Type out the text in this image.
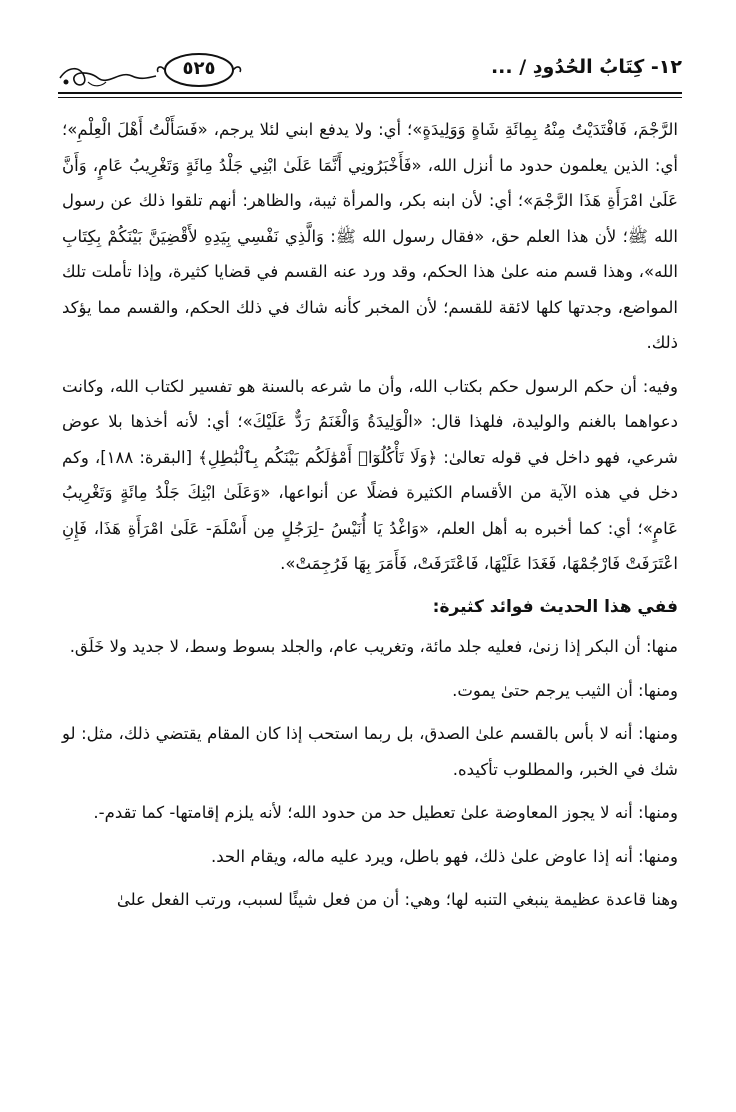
١٢- كِتَابُ الحُدُودِ / ...
٥٢٥

الرَّجْمَ، فَافْتَدَيْتُ مِنْهُ بِمِائَةِ شَاةٍ وَوَلِيدَةٍ»؛ أي: ولا يدفع ابني لئلا يرجم، «فَسَأَلْتُ أَهْلَ الْعِلْمِ»؛ أي: الذين يعلمون حدود ما أنزل الله، «فَأَخْبَرُونِي أَنَّمَا عَلَىٰ ابْنِي جَلْدُ مِائَةٍ وَتَغْرِيبُ عَامٍ، وَأَنَّ عَلَىٰ امْرَأَةِ هَذَا الرَّجْمَ»؛ أي: لأن ابنه بكر، والمرأة ثيبة، والظاهر: أنهم تلقوا ذلك عن رسول الله ﷺ؛ لأن هذا العلم حق، «فقال رسول الله ﷺ: وَالَّذِي نَفْسِي بِيَدِهِ لأَقْضِيَنَّ بَيْنَكُمْ بِكِتَابِ الله»، وهذا قسم منه علىٰ هذا الحكم، وقد ورد عنه القسم في قضايا كثيرة، وإذا تأملت تلك المواضع، وجدتها كلها لائقة للقسم؛ لأن المخبر كأنه شاك في ذلك الحكم، والقسم مما يؤكد ذلك.

وفيه: أن حكم الرسول حكم بكتاب الله، وأن ما شرعه بالسنة هو تفسير لكتاب الله، وكانت دعواهما بالغنم والوليدة، فلهذا قال: «الْوَلِيدَةُ وَالْغَنَمُ رَدٌّ عَلَيْكَ»؛ أي: لأنه أخذها بلا عوض شرعي، فهو داخل في قوله تعالىٰ: ﴿وَلَا تَأْكُلُوٓا۟ أَمْوَٰلَكُم بَيْنَكُم بِٱلْبَٰطِلِ﴾ [البقرة: ١٨٨]، وكم دخل في هذه الآية من الأقسام الكثيرة فضلًا عن أنواعها، «وَعَلَىٰ ابْنِكَ جَلْدُ مِائَةٍ وَتَغْرِيبُ عَامٍ»؛ أي: كما أخبره به أهل العلم، «وَاغْدُ يَا أُنَيْسُ -لِرَجُلٍ مِن أَسْلَمَ- عَلَىٰ امْرَأَةِ هَذَا، فَإِنِ اعْتَرَفَتْ فَارْجُمْهَا، فَغَدَا عَلَيْهَا، فَاعْتَرَفَتْ، فَأَمَرَ بِهَا فَرُجِمَتْ».

ففي هذا الحديث فوائد كثيرة:

منها: أن البكر إذا زنىٰ، فعليه جلد مائة، وتغريب عام، والجلد بسوط وسط، لا جديد ولا خَلَق.

ومنها: أن الثيب يرجم حتىٰ يموت.

ومنها: أنه لا بأس بالقسم علىٰ الصدق، بل ربما استحب إذا كان المقام يقتضي ذلك، مثل: لو شك في الخبر، والمطلوب تأكيده.

ومنها: أنه لا يجوز المعاوضة علىٰ تعطيل حد من حدود الله؛ لأنه يلزم إقامتها- كما تقدم-.

ومنها: أنه إذا عاوض علىٰ ذلك، فهو باطل، ويرد عليه ماله، ويقام الحد.

وهنا قاعدة عظيمة ينبغي التنبه لها؛ وهي: أن من فعل شيئًا لسبب، ورتب الفعل علىٰ
